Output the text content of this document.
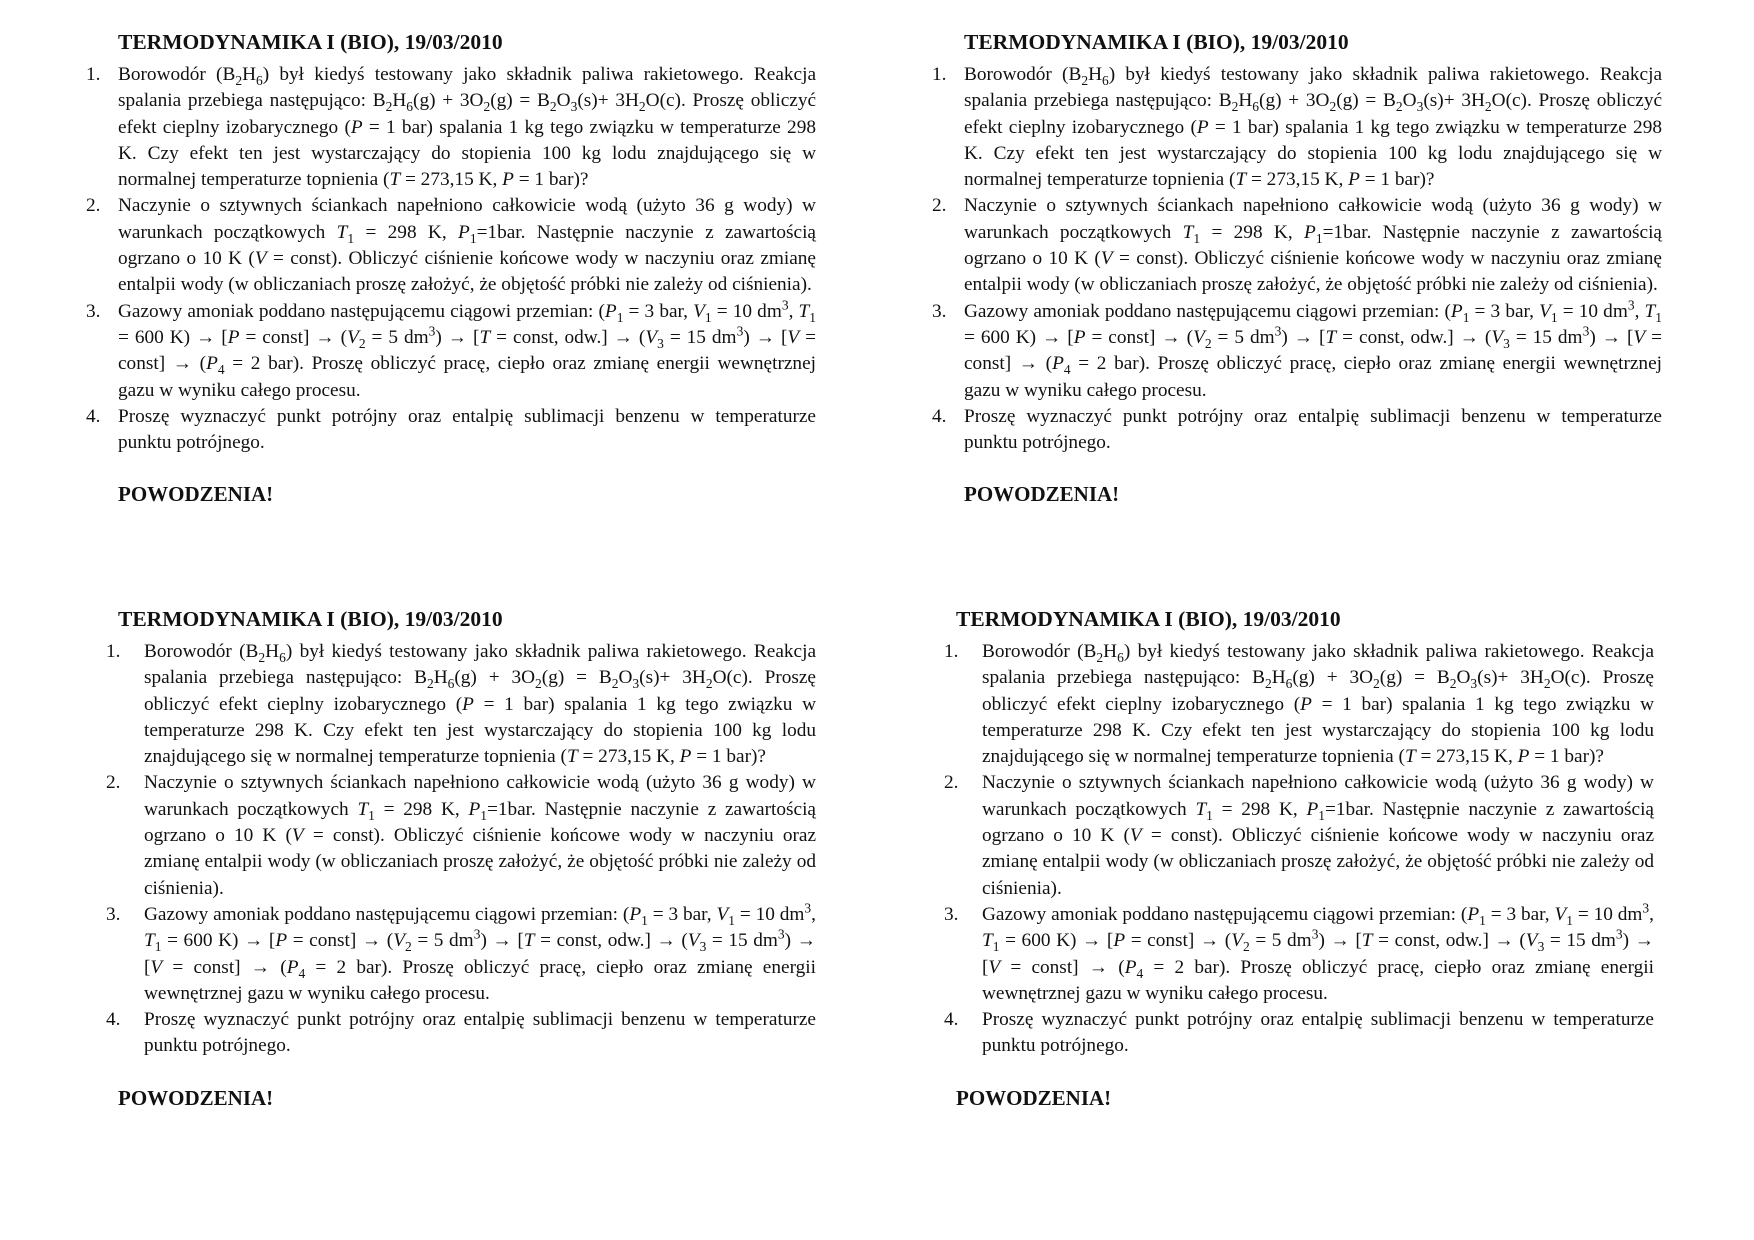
TERMODYNAMIKA I (BIO), 19/03/2010
1. Borowodór $(B_2H_6)$ był kiedyś testowany jako składnik paliwa rakietowego. Reakcja spalania przebiega następująco: $B_2H_6(g) + 3O_2(g) = B_2O_3(s)+ 3H_2O(c)$. Proszę obliczyć efekt cieplny izobarycznego (P = 1 bar) spalania 1 kg tego związku w temperaturze 298 K. Czy efekt ten jest wystarczający do stopienia 100 kg lodu znajdującego się w normalnej temperaturze topnienia (T = 273,15 K, P = 1 bar)?
2. Naczynie o sztywnych ściankach napełniono całkowicie wodą (użyto 36 g wody) w warunkach początkowych $T_1 = 298$ K, $P_1=1bar$. Następnie naczynie z zawartością ogrzano o 10 K (V = const). Obliczyć ciśnienie końcowe wody w naczyniu oraz zmianę entalpii wody (w obliczaniach proszę założyć, że objętość próbki nie zależy od ciśnienia).
3. Gazowy amoniak poddano następującemu ciągowi przemian: ($P_1 = 3$ bar, $V_1 = 10$ $dm^3$, $T_1 = 600$ K) → [P = const] → ($V_2 = 5$ $dm^3) \to [T$ = const, $odw.] \to (V_3 = 15$ $dm^3) \to [V$ = const] → ($P_4 = 2$ bar). Proszę obliczyć pracę, ciepło oraz zmianę energii wewnętrznej gazu w wyniku całego procesu.
4. Proszę wyznaczyć punkt potrójny oraz entalpię sublimacji benzenu w temperaturze punktu potrójnego.
POWODZENIA!
TERMODYNAMIKA I (BIO), 19/03/2010
1. Borowodór $(B_2H_6)$ był kiedyś testowany jako składnik paliwa rakietowego. Reakcja spalania przebiega następująco: $B_2H_6(g) + 3O_2(g) = B_2O_3(s)+ 3H_2O(c)$. Proszę obliczyć efekt cieplny izobarycznego (P = 1 bar) spalania 1 kg tego związku w temperaturze 298 K. Czy efekt ten jest wystarczający do stopienia 100 kg lodu znajdującego się w normalnej temperaturze topnienia (T = 273,15 K, P = 1 bar)?
2. Naczynie o sztywnych ściankach napełniono całkowicie wodą (użyto 36 g wody) w warunkach początkowych $T_1 = 298$ K, $P_1=1bar$. Następnie naczynie z zawartością ogrzano o 10 K (V = const). Obliczyć ciśnienie końcowe wody w naczyniu oraz zmianę entalpii wody (w obliczaniach proszę założyć, że objętość próbki nie zależy od ciśnienia).
3. Gazowy amoniak poddano następującemu ciągowi przemian: ($P_1 = 3$ bar, $V_1 = 10$ $dm^3$, $T_1 = 600$ K) → [P = const] → ($V_2 = 5$ $dm^3) \to [T$ = const, $odw.] \to (V_3 = 15$ $dm^3) \to [V$ = const] → ($P_4 = 2$ bar). Proszę obliczyć pracę, ciepło oraz zmianę energii wewnętrznej gazu w wyniku całego procesu.
4. Proszę wyznaczyć punkt potrójny oraz entalpię sublimacji benzenu w temperaturze punktu potrójnego.
POWODZENIA!
TERMODYNAMIKA I (BIO), 19/03/2010
1. Borowodór $(B_2H_6)$ był kiedyś testowany jako składnik paliwa rakietowego. Reakcja spalania przebiega następująco: $B_2H_6(g) + 3O_2(g) = B_2O_3(s)+ 3H_2O(c)$. Proszę obliczyć efekt cieplny izobarycznego (P = 1 bar) spalania 1 kg tego związku w temperaturze 298 K. Czy efekt ten jest wystarczający do stopienia 100 kg lodu znajdującego się w normalnej temperaturze topnienia (T = 273,15 K, P = 1 bar)?
2. Naczynie o sztywnych ściankach napełniono całkowicie wodą (użyto 36 g wody) w warunkach początkowych $T_1 = 298$ K, $P_1=1bar$. Następnie naczynie z zawartością ogrzano o 10 K (V = const). Obliczyć ciśnienie końcowe wody w naczyniu oraz zmianę entalpii wody (w obliczaniach proszę założyć, że objętość próbki nie zależy od ciśnienia).
3. Gazowy amoniak poddano następującemu ciągowi przemian: ($P_1 = 3$ bar, $V_1 = 10$ $dm^3$, $T_1 = 600$ K) → [P = const] → ($V_2 = 5$ $dm^3) \to [T$ = const, $odw.] \to (V_3 = 15$ $dm^3) \to [V$ = const] → ($P_4 = 2$ bar). Proszę obliczyć pracę, ciepło oraz zmianę energii wewnętrznej gazu w wyniku całego procesu.
4. Proszę wyznaczyć punkt potrójny oraz entalpię sublimacji benzenu w temperaturze punktu potrójnego.
POWODZENIA!
TERMODYNAMIKA I (BIO), 19/03/2010
1. Borowodór $(B_2H_6)$ był kiedyś testowany jako składnik paliwa rakietowego. Reakcja spalania przebiega następująco: $B_2H_6(g) + 3O_2(g) = B_2O_3(s)+ 3H_2O(c)$. Proszę obliczyć efekt cieplny izobarycznego (P = 1 bar) spalania 1 kg tego związku w temperaturze 298 K. Czy efekt ten jest wystarczający do stopienia 100 kg lodu znajdującego się w normalnej temperaturze topnienia (T = 273,15 K, P = 1 bar)?
2. Naczynie o sztywnych ściankach napełniono całkowicie wodą (użyto 36 g wody) w warunkach początkowych $T_1 = 298$ K, $P_1=1bar$. Następnie naczynie z zawartością ogrzano o 10 K (V = const). Obliczyć ciśnienie końcowe wody w naczyniu oraz zmianę entalpii wody (w obliczaniach proszę założyć, że objętość próbki nie zależy od ciśnienia).
3. Gazowy amoniak poddano następującemu ciągowi przemian: ($P_1 = 3$ bar, $V_1 = 10$ $dm^3$, $T_1 = 600$ K) → [P = const] → ($V_2 = 5$ $dm^3) \to [T$ = const, $odw.] \to (V_3 = 15$ $dm^3) \to [V$ = const] → ($P_4 = 2$ bar). Proszę obliczyć pracę, ciepło oraz zmianę energii wewnętrznej gazu w wyniku całego procesu.
4. Proszę wyznaczyć punkt potrójny oraz entalpię sublimacji benzenu w temperaturze punktu potrójnego.
POWODZENIA!
